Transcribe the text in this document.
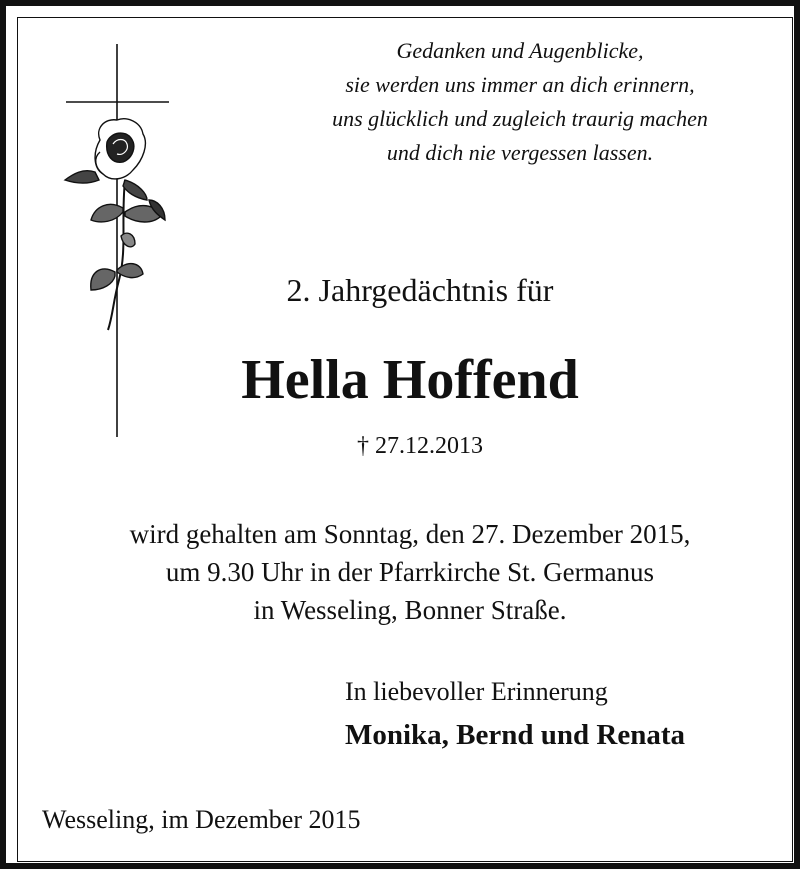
Gedanken und Augenblicke,
sie werden uns immer an dich erinnern,
uns glücklich und zugleich traurig machen
und dich nie vergessen lassen.
2. Jahrgedächtnis für
Hella Hoffend
† 27.12.2013
wird gehalten am Sonntag, den 27. Dezember 2015,
um 9.30 Uhr in der Pfarrkirche St. Germanus
in Wesseling, Bonner Straße.
In liebevoller Erinnerung
Monika, Bernd und Renata
Wesseling, im Dezember 2015
